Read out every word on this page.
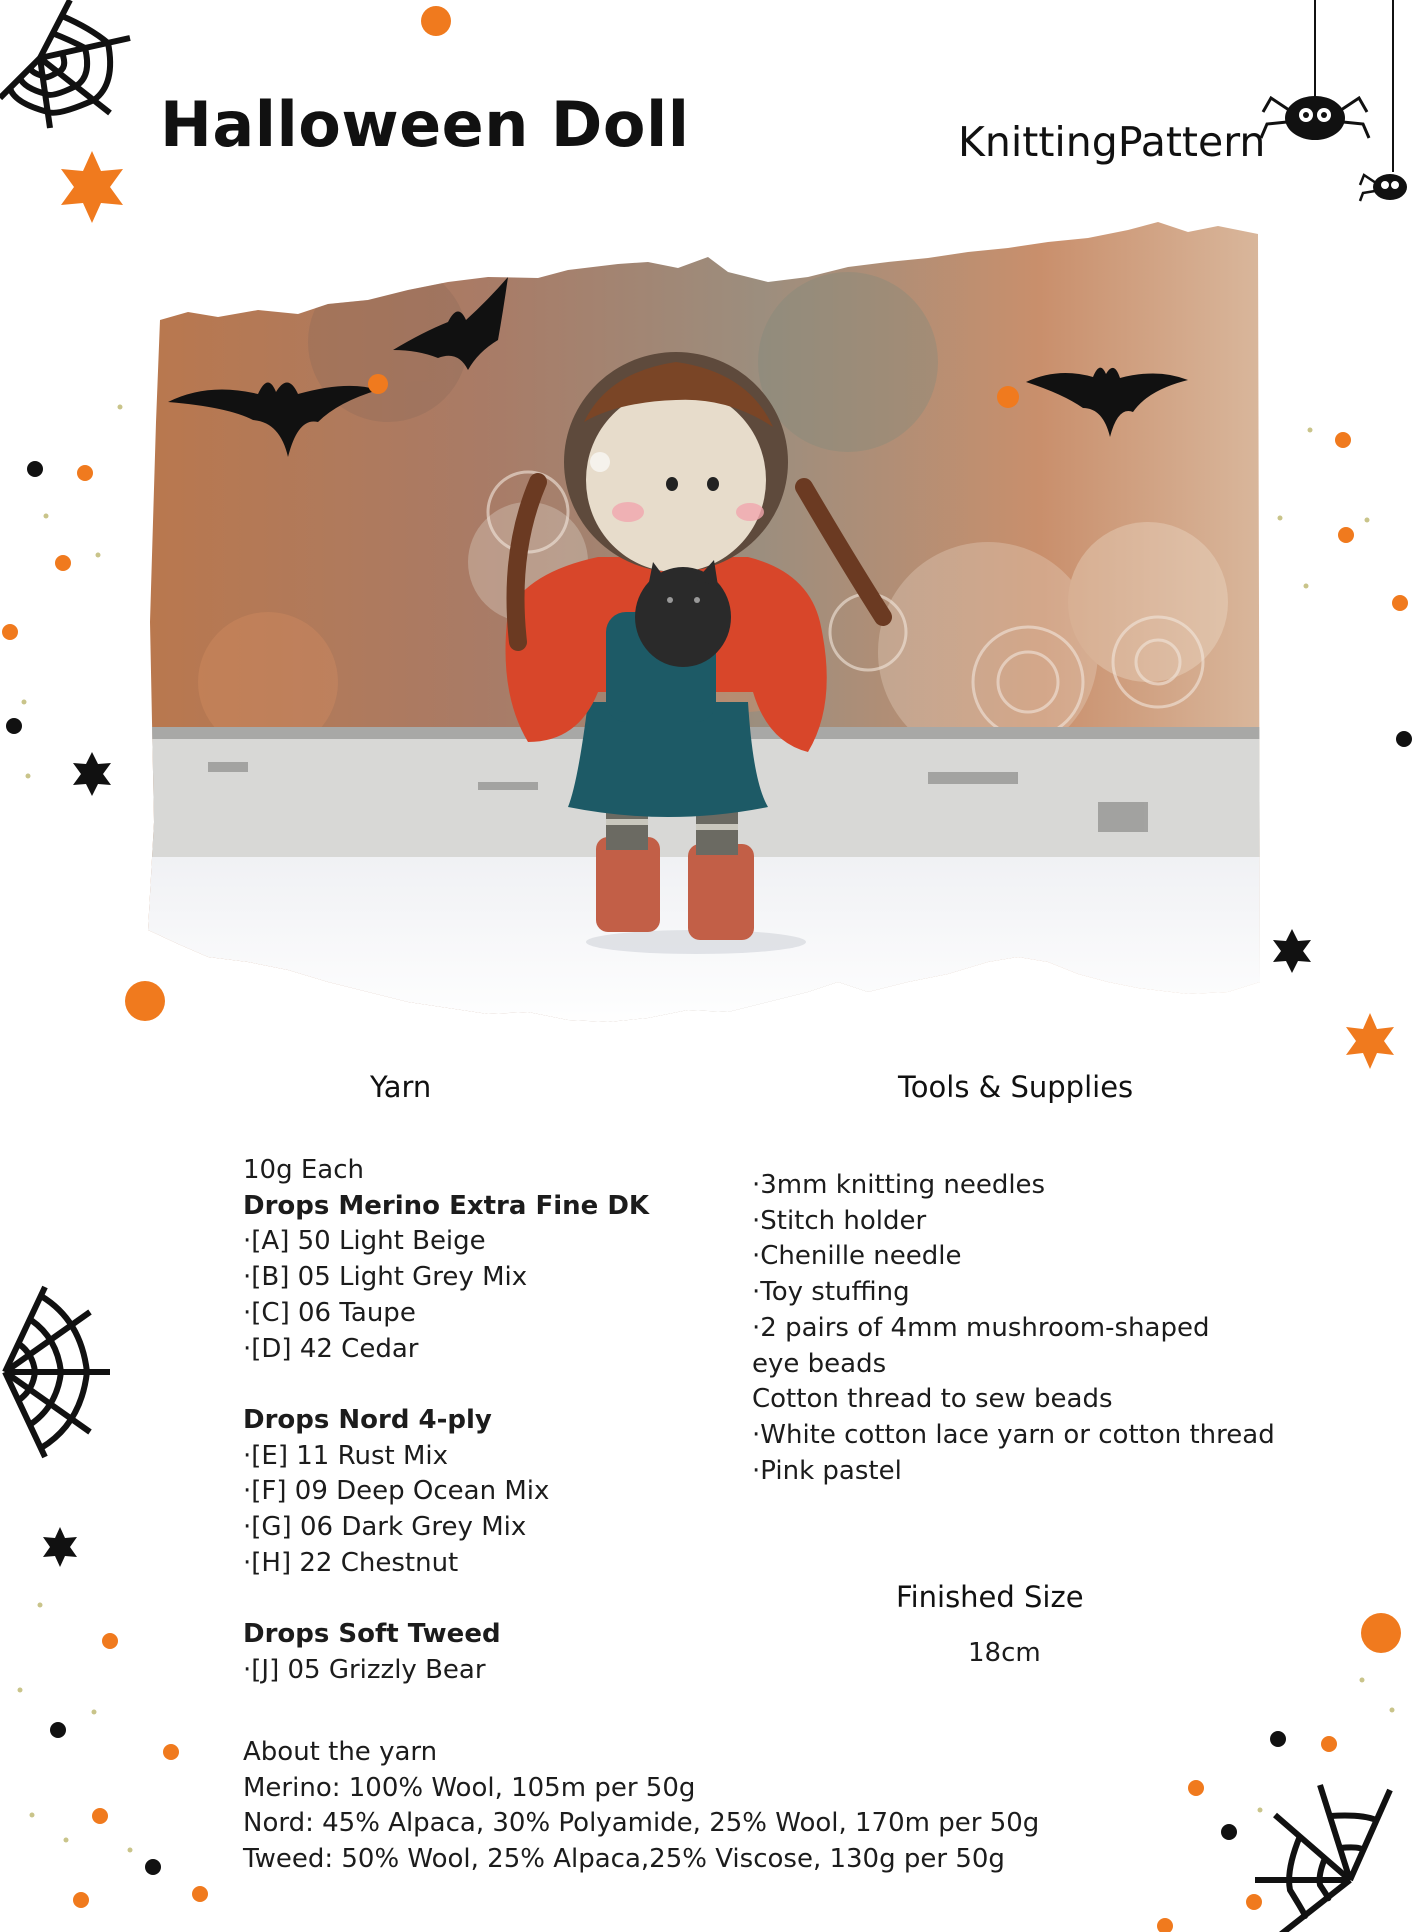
Halloween Doll	KnittingPattern
Yarn
10g Each
Drops Merino Extra Fine DK
·[A] 50 Light Beige
·[B] 05 Light Grey Mix
·[C] 06 Taupe
·[D] 42 Cedar
Drops Nord 4-ply
·[E] 11 Rust Mix
·[F] 09 Deep Ocean Mix
·[G] 06 Dark Grey Mix
·[H] 22 Chestnut
Drops Soft Tweed
·[J] 05 Grizzly Bear
Tools & Supplies
·3mm knitting needles
·Stitch holder
·Chenille needle
·Toy stuffing
·2 pairs of 4mm mushroom-shaped eye beads
Cotton thread to sew beads
·White cotton lace yarn or cotton thread
·Pink pastel
Finished Size
18cm
About the yarn
Merino: 100% Wool, 105m per 50g
Nord: 45% Alpaca, 30% Polyamide, 25% Wool, 170m per 50g
Tweed: 50% Wool, 25% Alpaca,25% Viscose, 130g per 50g
